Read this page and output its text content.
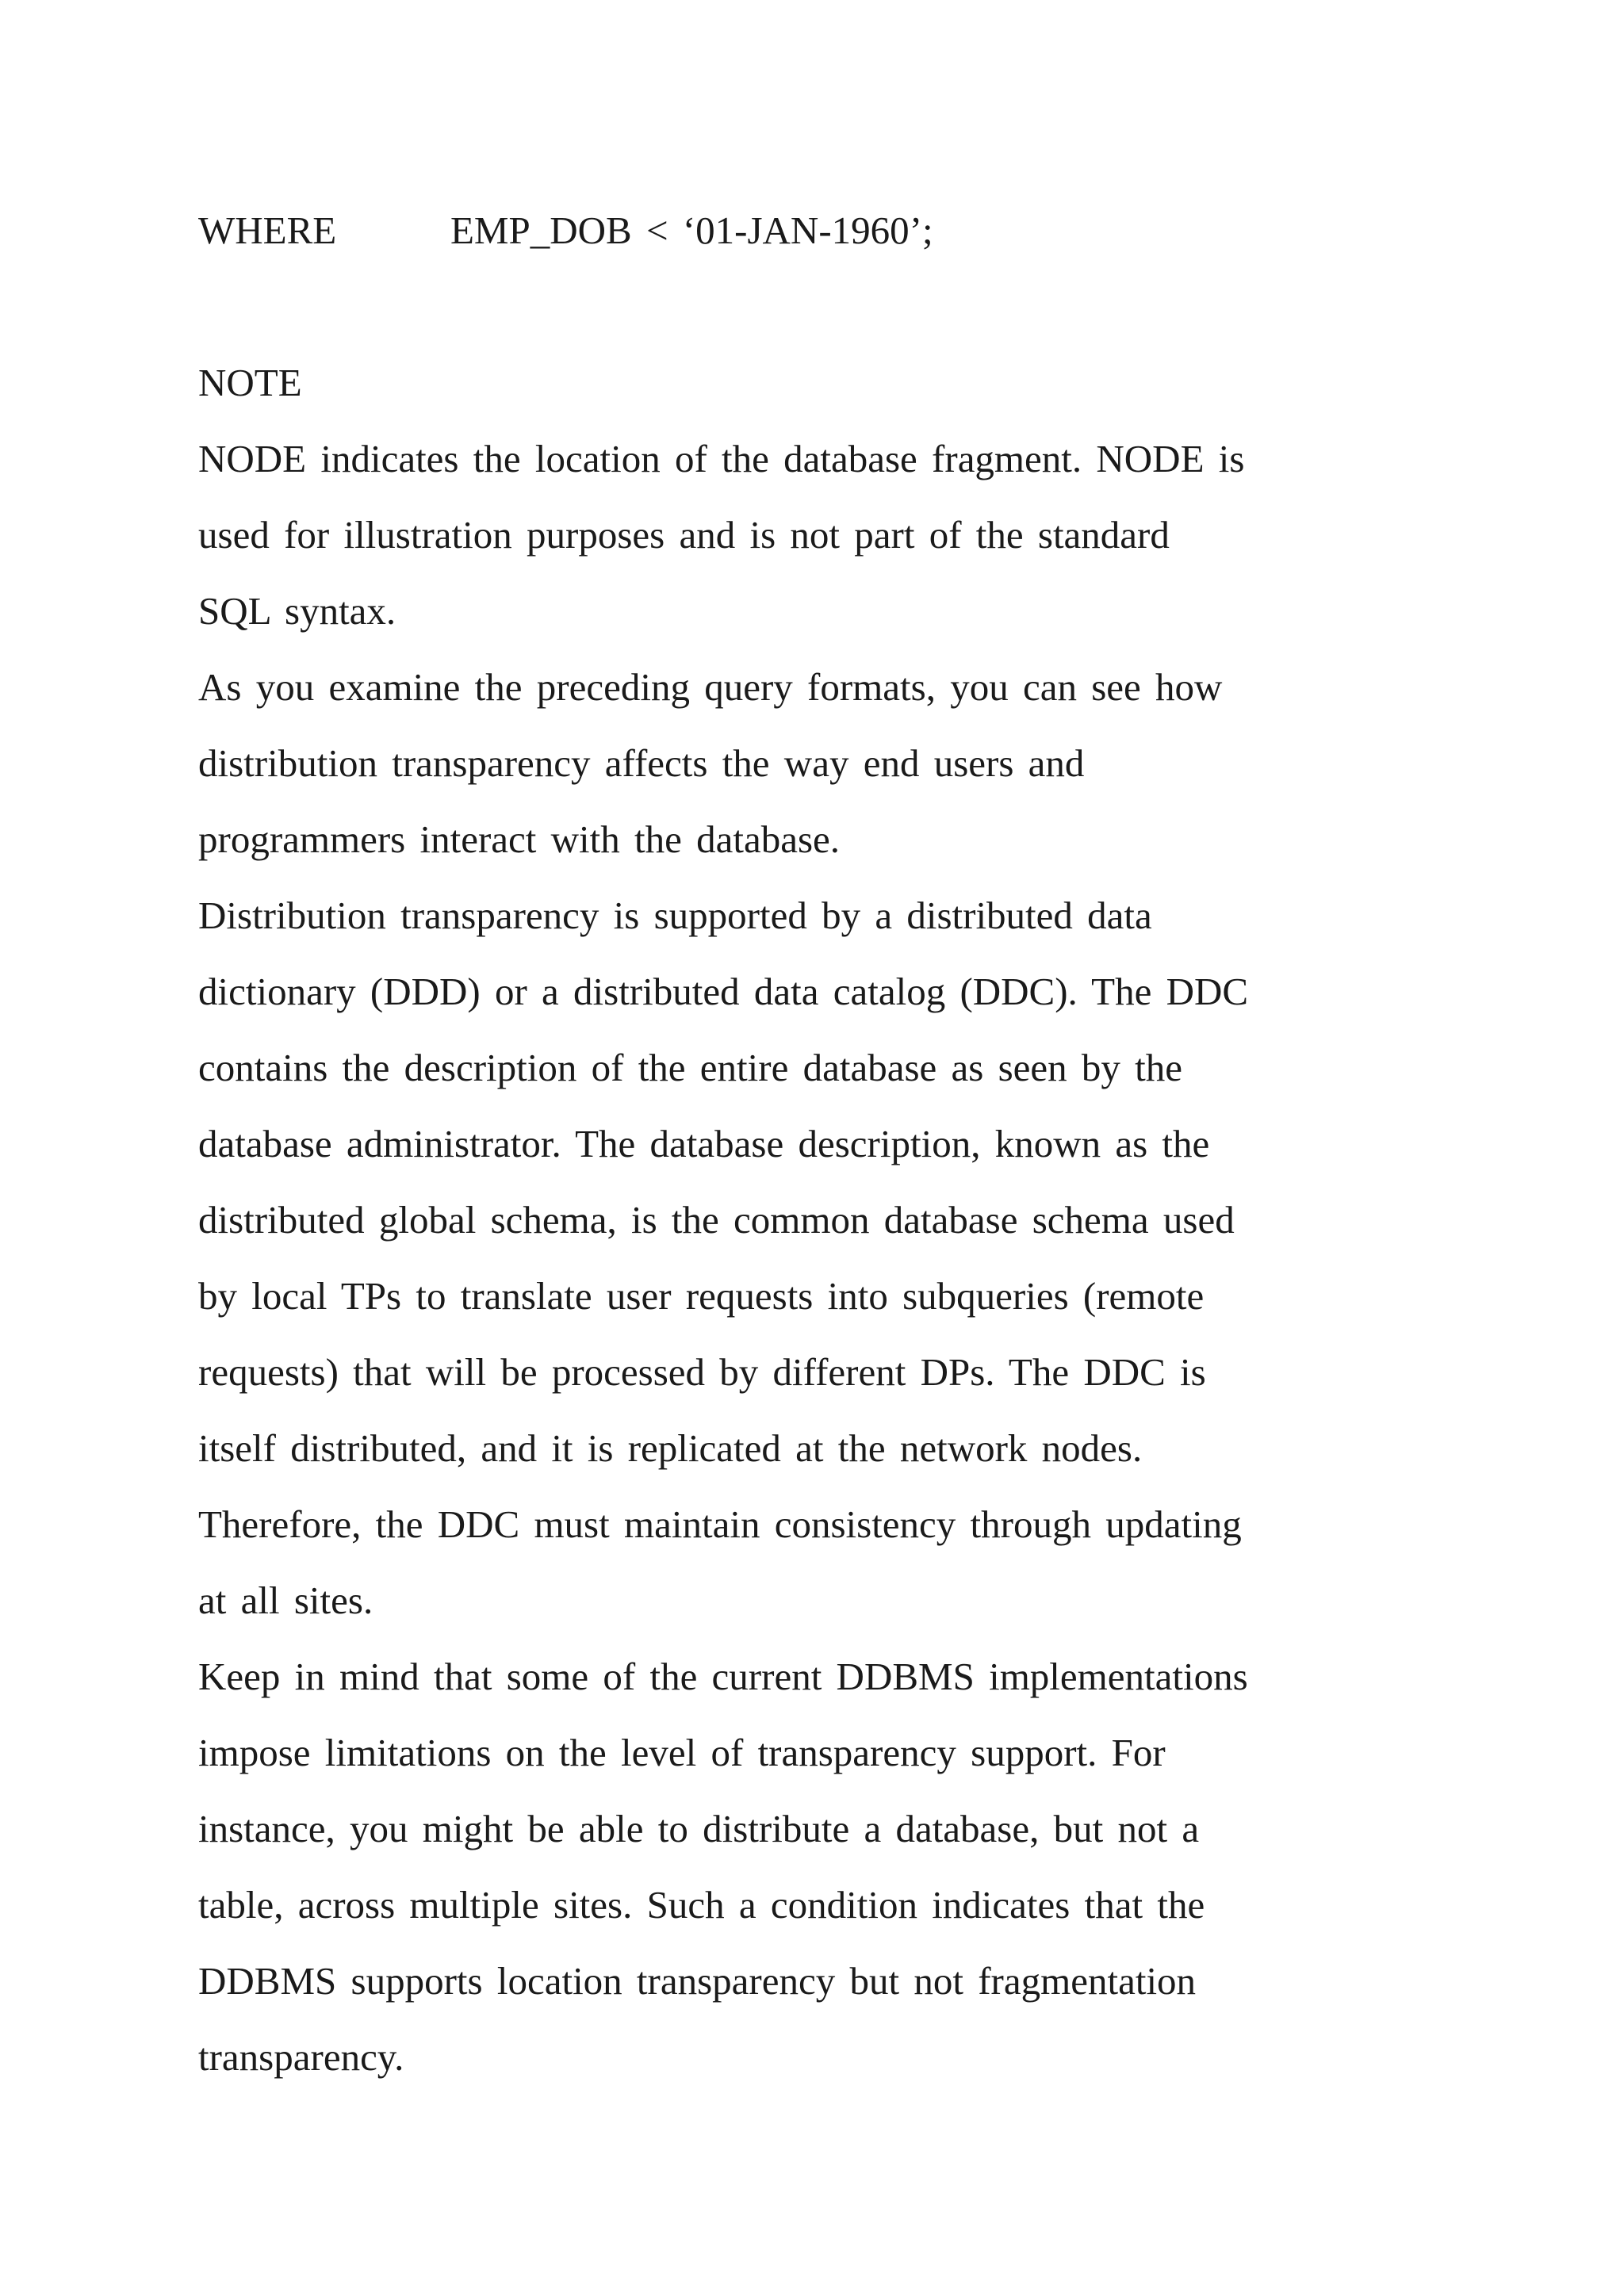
WHERE	EMP_DOB < ‘01-JAN-1960’;
NOTE
NODE indicates the location of the database fragment. NODE is
used for illustration purposes and is not part of the standard
SQL syntax.
As you examine the preceding query formats, you can see how
distribution transparency affects the way end users and
programmers interact with the database.
Distribution transparency is supported by a distributed data
dictionary (DDD) or a distributed data catalog (DDC). The DDC
contains the description of the entire database as seen by the
database administrator. The database description, known as the
distributed global schema, is the common database schema used
by local TPs to translate user requests into subqueries (remote
requests) that will be processed by different DPs. The DDC is
itself distributed, and it is replicated at the network nodes.
Therefore, the DDC must maintain consistency through updating
at all sites.
Keep in mind that some of the current DDBMS implementations
impose limitations on the level of transparency support. For
instance, you might be able to distribute a database, but not a
table, across multiple sites. Such a condition indicates that the
DDBMS supports location transparency but not fragmentation
transparency.
